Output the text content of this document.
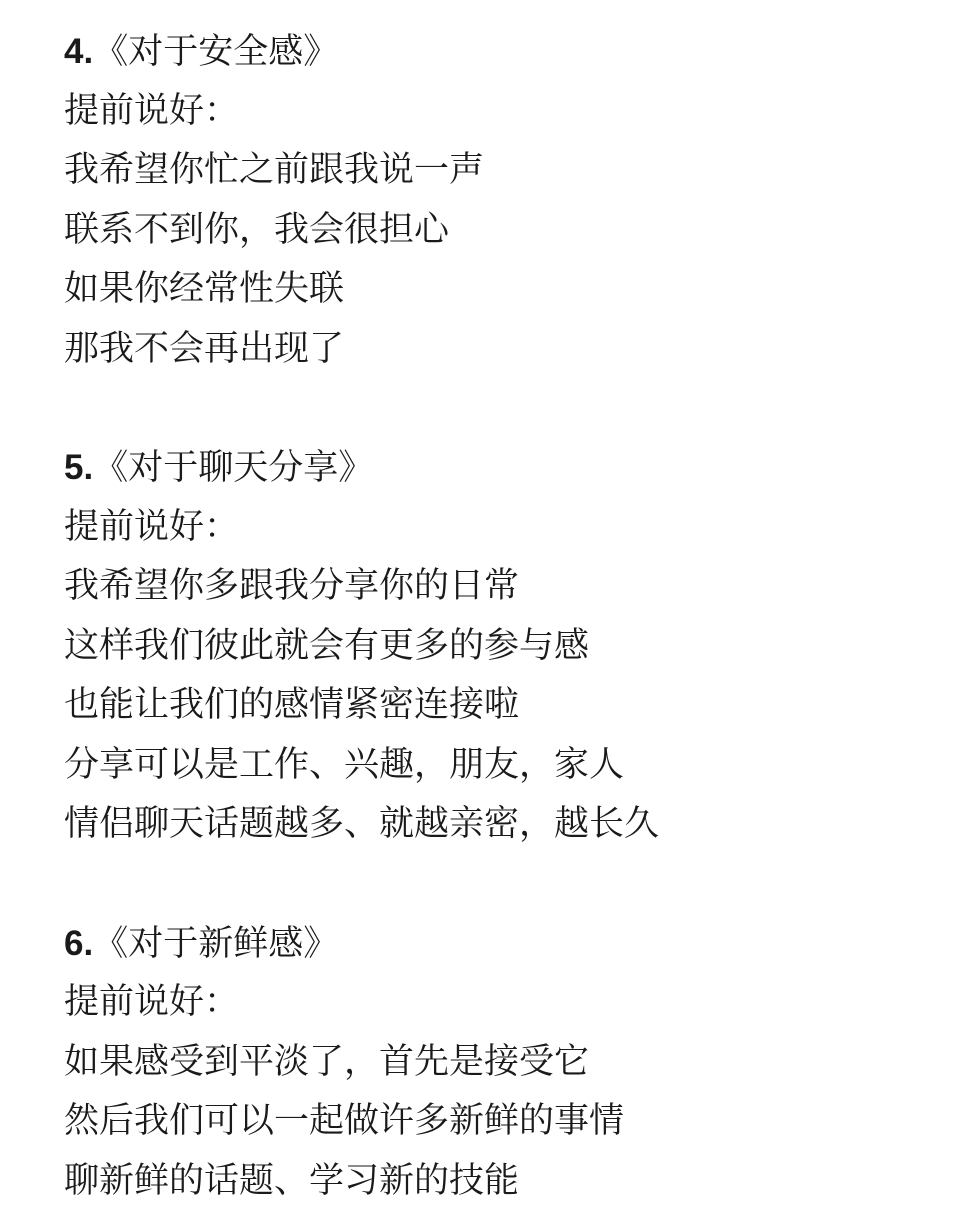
4.《对于安全感》
提前说好：
我希望你忙之前跟我说一声
联系不到你，我会很担心
如果你经常性失联
那我不会再出现了
5.《对于聊天分享》
提前说好：
我希望你多跟我分享你的日常
这样我们彼此就会有更多的参与感
也能让我们的感情紧密连接啦
分享可以是工作、兴趣，朋友，家人
情侣聊天话题越多、就越亲密，越长久
6.《对于新鲜感》
提前说好：
如果感受到平淡了，首先是接受它
然后我们可以一起做许多新鲜的事情
聊新鲜的话题、学习新的技能
